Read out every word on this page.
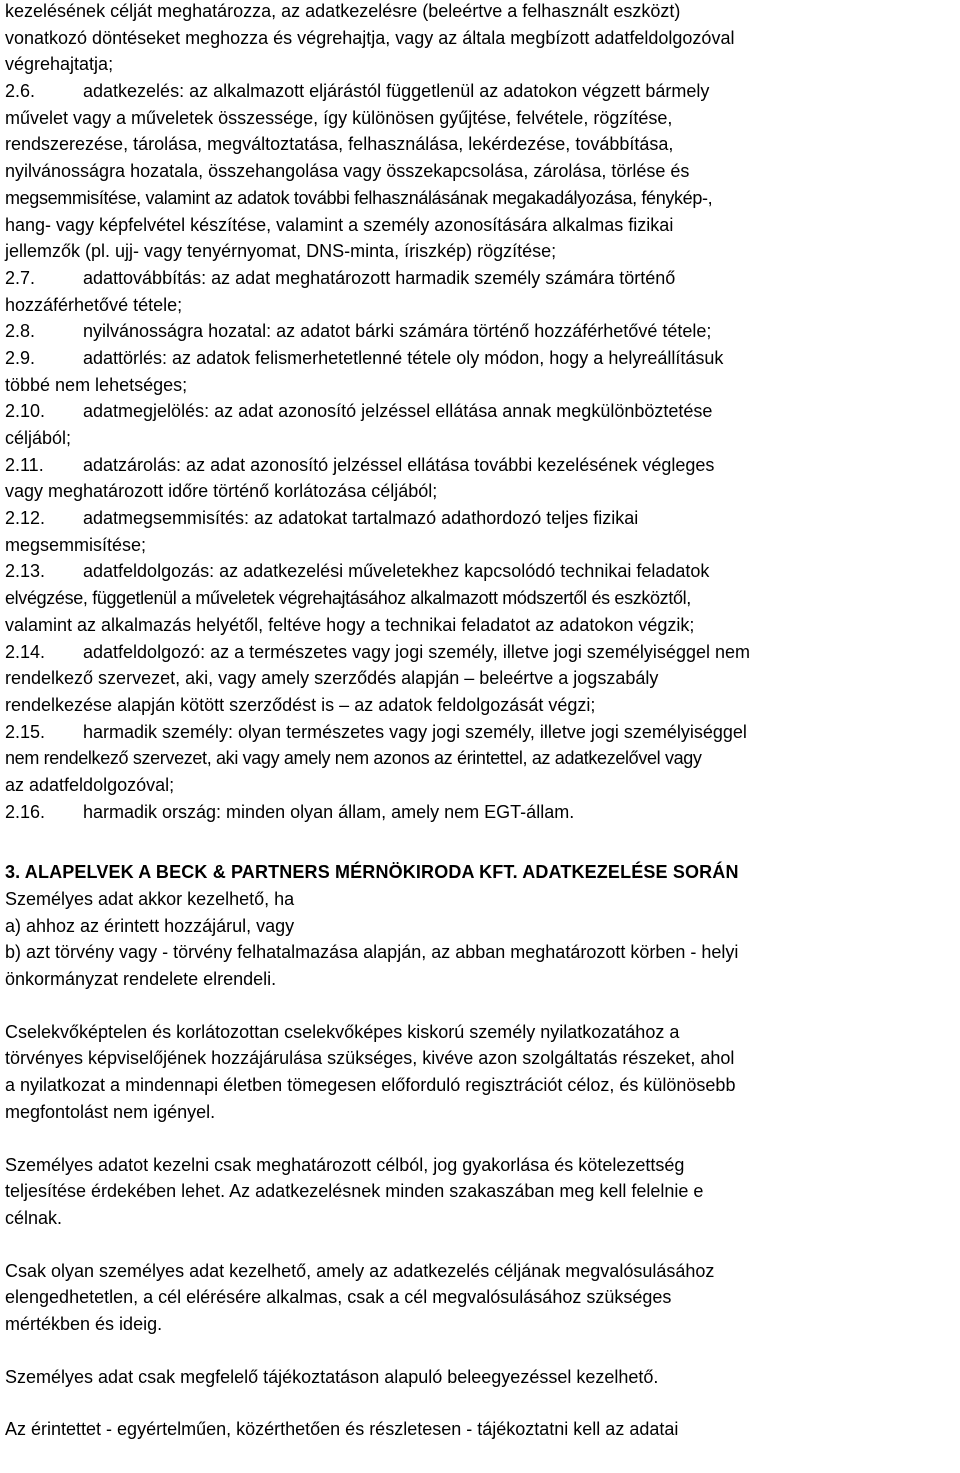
kezelésének célját meghatározza, az adatkezelésre (beleértve a felhasznált eszközt)
vonatkozó döntéseket meghozza és végrehajtja, vagy az általa megbízott adatfeldolgozóval
végrehajtatja;
2.6.	adatkezelés: az alkalmazott eljárástól függetlenül az adatokon végzett bármely
művelet vagy a műveletek összessége, így különösen gyűjtése, felvétele, rögzítése,
rendszerezése, tárolása, megváltoztatása, felhasználása, lekérdezése, továbbítása,
nyilvánosságra hozatala, összehangolása vagy összekapcsolása, zárolása, törlése és
megsemmisítése, valamint az adatok további felhasználásának megakadályozása, fénykép-,
hang- vagy képfelvétel készítése, valamint a személy azonosítására alkalmas fizikai
jellemzők (pl. ujj- vagy tenyérnyomat, DNS-minta, íriszkép) rögzítése;
2.7.	adattovábbítás: az adat meghatározott harmadik személy számára történő
hozzáférhetővé tétele;
2.8.	nyilvánosságra hozatal: az adatot bárki számára történő hozzáférhetővé tétele;
2.9.	adattörlés: az adatok felismerhetetlenné tétele oly módon, hogy a helyreállításuk
többé nem lehetséges;
2.10. adatmegjelölés: az adat azonosító jelzéssel ellátása annak megkülönböztetése
céljából;
2.11. adatzárolás: az adat azonosító jelzéssel ellátása további kezelésének végleges
vagy meghatározott időre történő korlátozása céljából;
2.12. adatmegsemmisítés: az adatokat tartalmazó adathordozó teljes fizikai
megsemmisítése;
2.13. adatfeldolgozás: az adatkezelési műveletekhez kapcsolódó technikai feladatok
elvégzése, függetlenül a műveletek végrehajtásához alkalmazott módszertől és eszköztől,
valamint az alkalmazás helyétől, feltéve hogy a technikai feladatot az adatokon végzik;
2.14. adatfeldolgozó: az a természetes vagy jogi személy, illetve jogi személyiséggel nem
rendelkező szervezet, aki, vagy amely szerződés alapján – beleértve a jogszabály
rendelkezése alapján kötött szerződést is – az adatok feldolgozását végzi;
2.15. harmadik személy: olyan természetes vagy jogi személy, illetve jogi személyiséggel
nem rendelkező szervezet, aki vagy amely nem azonos az érintettel, az adatkezelővel vagy
az adatfeldolgozóval;
2.16. harmadik ország: minden olyan állam, amely nem EGT-állam.
3. ALAPELVEK A BECK & PARTNERS MÉRNÖKIRODA KFT. ADATKEZELÉSE SORÁN
Személyes adat akkor kezelhető, ha
a) ahhoz az érintett hozzájárul, vagy
b) azt törvény vagy - törvény felhatalmazása alapján, az abban meghatározott körben - helyi
önkormányzat rendelete elrendeli.
Cselekvőképtelen és korlátozottan cselekvőképes kiskorú személy nyilatkozatához a
törvényes képviselőjének hozzájárulása szükséges, kivéve azon szolgáltatás részeket, ahol
a nyilatkozat a mindennapi életben tömegesen előforduló regisztrációt céloz, és különösebb
megfontolást nem igényel.
Személyes adatot kezelni csak meghatározott célból, jog gyakorlása és kötelezettség
teljesítése érdekében lehet. Az adatkezelésnek minden szakaszában meg kell felelnie e
célnak.
Csak olyan személyes adat kezelhető, amely az adatkezelés céljának megvalósulásához
elengedhetetlen, a cél elérésére alkalmas, csak a cél megvalósulásához szükséges
mértékben és ideig.
Személyes adat csak megfelelő tájékoztatáson alapuló beleegyezéssel kezelhető.
Az érintettet - egyértelműen, közérthetően és részletesen - tájékoztatni kell az adatai
